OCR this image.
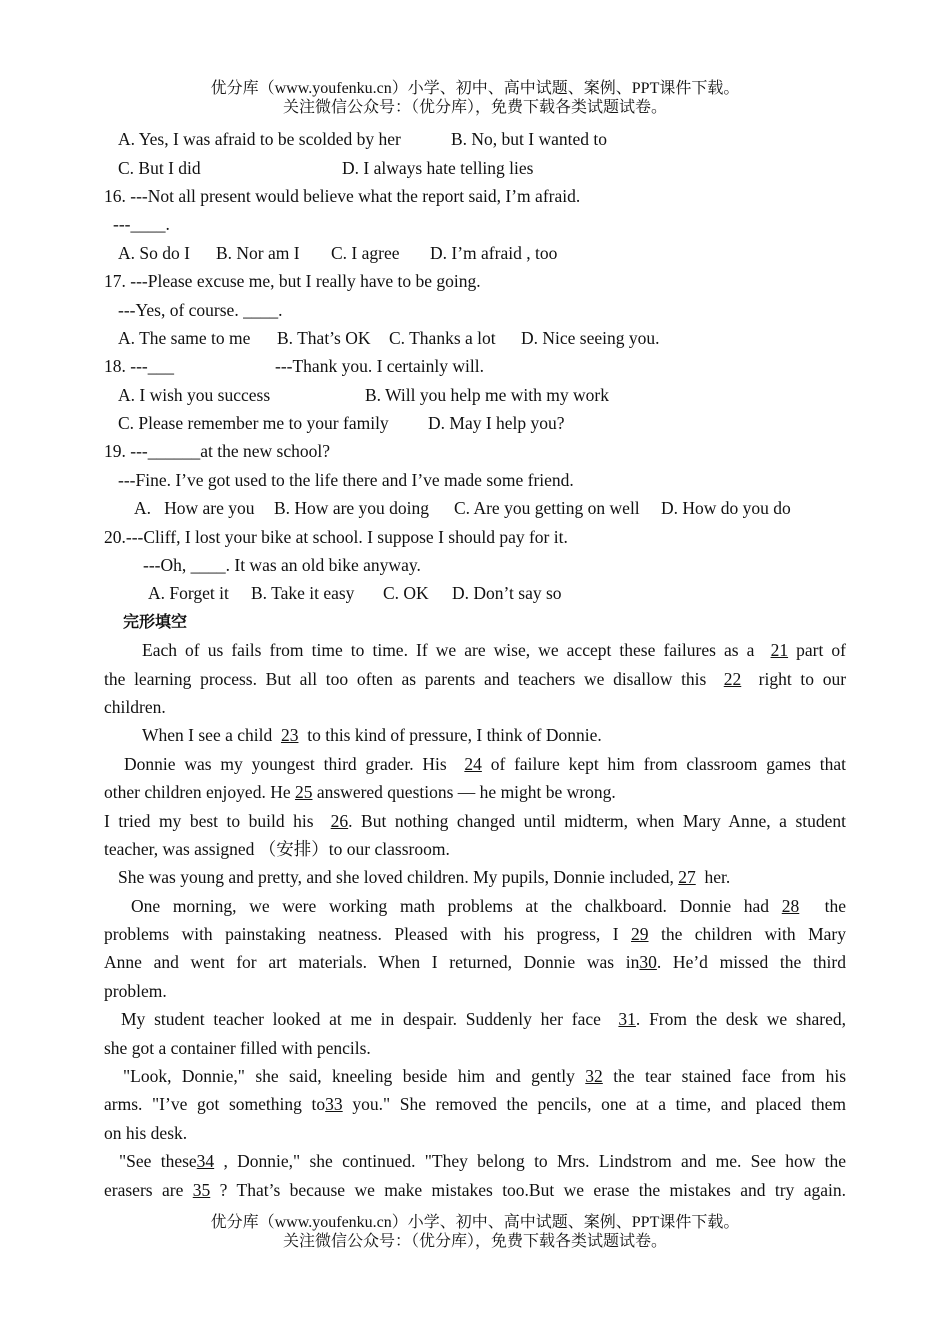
优分库（www.youfenku.cn）小学、初中、高中试题、案例、PPT课件下载。
关注微信公众号：（优分库），免费下载各类试题试卷。
A. Yes, I was afraid to be scolded by her	B. No, but I wanted to
C. But I did	D. I always hate telling lies
16. ---Not all present would believe what the report said, I’m afraid.
---____.
A. So do I B. Nor am I C. I agree D. I’m afraid , too
17. ---Please excuse me, but I really have to be going.
---Yes, of course. ____.
A. The same to me B. That’s OK C. Thanks a lot D. Nice seeing you.
18. ---___	---Thank you. I certainly will.
A. I wish you success	B. Will you help me with my work
C. Please remember me to your family D. May I help you?
19. ---______at the new school?
---Fine. I’ve got used to the life there and I’ve made some friend.
A.   How are you B. How are you doing C. Are you getting on well D. How do you do
20.---Cliff, I lost your bike at school. I suppose I should pay for it.
---Oh, ____. It was an old bike anyway.
A. Forget it B. Take it easy C. OK D. Don’t say so
完形填空
Each of us fails from time to time. If we are wise, we accept these failures as a 21 part of
the learning process. But all too often as parents and teachers we disallow this 22 right to our
children.
When I see a child 23 to this kind of pressure, I think of Donnie.
Donnie was my youngest third grader. His 24 of failure kept him from classroom games that
other children enjoyed. He 25 answered questions — he might be wrong.
I tried my best to build his 26. But nothing changed until midterm, when Mary Anne, a student
teacher, was assigned （安排）to our classroom.
She was young and pretty, and she loved children. My pupils, Donnie included, 27 her.
One morning, we were working math problems at the chalkboard. Donnie had 28 the
problems with painstaking neatness. Pleased with his progress, I 29 the children with Mary
Anne and went for art materials. When I returned, Donnie was in30. He’d missed the third
problem.
My student teacher looked at me in despair. Suddenly her face 31. From the desk we shared,
she got a container filled with pencils.
"Look, Donnie," she said, kneeling beside him and gently 32 the tear stained face from his
arms. "I’ve got something to33 you." She removed the pencils, one at a time, and placed them
on his desk.
"See these34 , Donnie," she continued. "They belong to Mrs. Lindstrom and me. See how the
erasers are 35 ? That’s because we make mistakes too.But we erase the mistakes and try again.
优分库（www.youfenku.cn）小学、初中、高中试题、案例、PPT课件下载。
关注微信公众号：（优分库），免费下载各类试题试卷。
